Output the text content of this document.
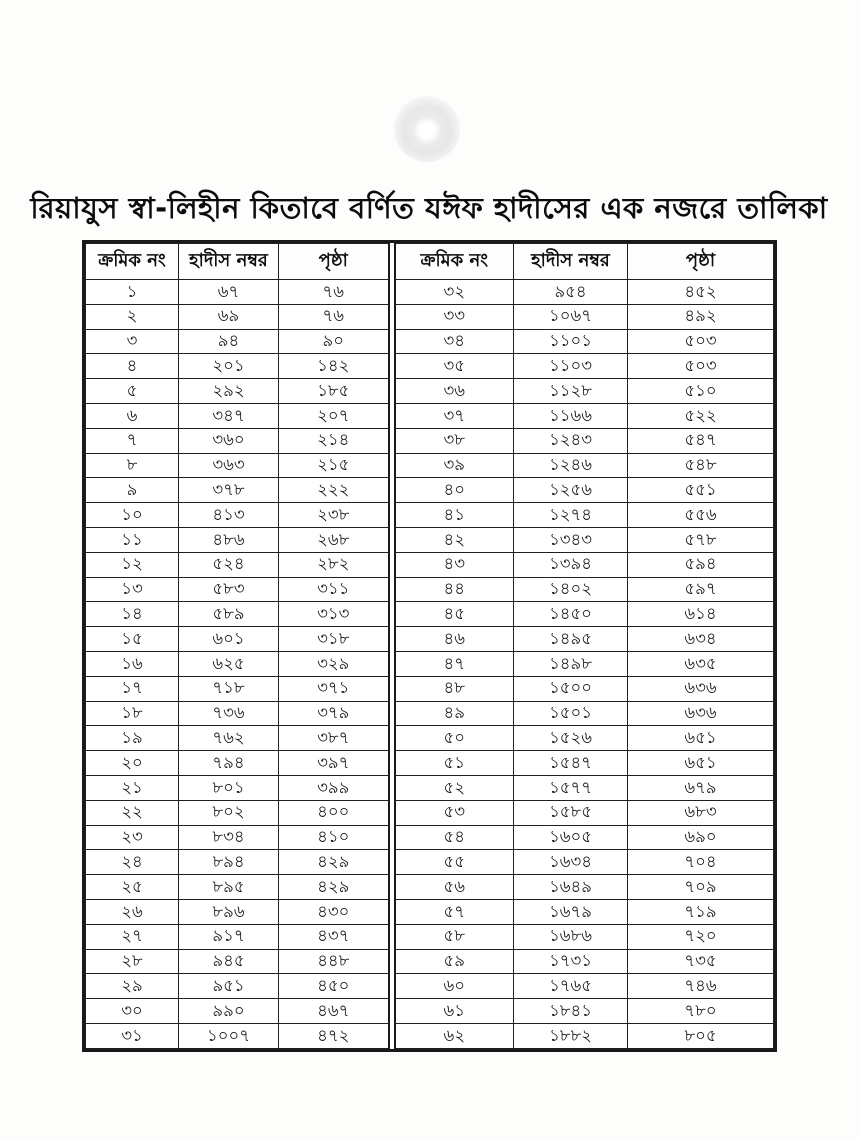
রিয়াযুস স্বা-লিহীন কিতাবে বর্ণিত যঈফ হাদীসের এক নজরে তালিকা
ক্রমিক নং	হাদীস নম্বর	পৃষ্ঠা
১	৬৭	৭৬
২	৬৯	৭৬
৩	৯৪	৯০
৪	২০১	১৪২
৫	২৯২	১৮৫
৬	৩৪৭	২০৭
৭	৩৬০	২১৪
৮	৩৬৩	২১৫
৯	৩৭৮	২২২
১০	৪১৩	২৩৮
১১	৪৮৬	২৬৮
১২	৫২৪	২৮২
১৩	৫৮৩	৩১১
১৪	৫৮৯	৩১৩
১৫	৬০১	৩১৮
১৬	৬২৫	৩২৯
১৭	৭১৮	৩৭১
১৮	৭৩৬	৩৭৯
১৯	৭৬২	৩৮৭
২০	৭৯৪	৩৯৭
২১	৮০১	৩৯৯
২২	৮০২	৪০০
২৩	৮৩৪	৪১০
২৪	৮৯৪	৪২৯
২৫	৮৯৫	৪২৯
২৬	৮৯৬	৪৩০
২৭	৯১৭	৪৩৭
২৮	৯৪৫	৪৪৮
২৯	৯৫১	৪৫০
৩০	৯৯০	৪৬৭
৩১	১০০৭	৪৭২
ক্রমিক নং	হাদীস নম্বর	পৃষ্ঠা
৩২	৯৫৪	৪৫২
৩৩	১০৬৭	৪৯২
৩৪	১১০১	৫০৩
৩৫	১১০৩	৫০৩
৩৬	১১২৮	৫১০
৩৭	১১৬৬	৫২২
৩৮	১২৪৩	৫৪৭
৩৯	১২৪৬	৫৪৮
৪০	১২৫৬	৫৫১
৪১	১২৭৪	৫৫৬
৪২	১৩৪৩	৫৭৮
৪৩	১৩৯৪	৫৯৪
৪৪	১৪০২	৫৯৭
৪৫	১৪৫০	৬১৪
৪৬	১৪৯৫	৬৩৪
৪৭	১৪৯৮	৬৩৫
৪৮	১৫০০	৬৩৬
৪৯	১৫০১	৬৩৬
৫০	১৫২৬	৬৫১
৫১	১৫৪৭	৬৫১
৫২	১৫৭৭	৬৭৯
৫৩	১৫৮৫	৬৮৩
৫৪	১৬০৫	৬৯০
৫৫	১৬৩৪	৭০৪
৫৬	১৬৪৯	৭০৯
৫৭	১৬৭৯	৭১৯
৫৮	১৬৮৬	৭২০
৫৯	১৭৩১	৭৩৫
৬০	১৭৬৫	৭৪৬
৬১	১৮৪১	৭৮০
৬২	১৮৮২	৮০৫
